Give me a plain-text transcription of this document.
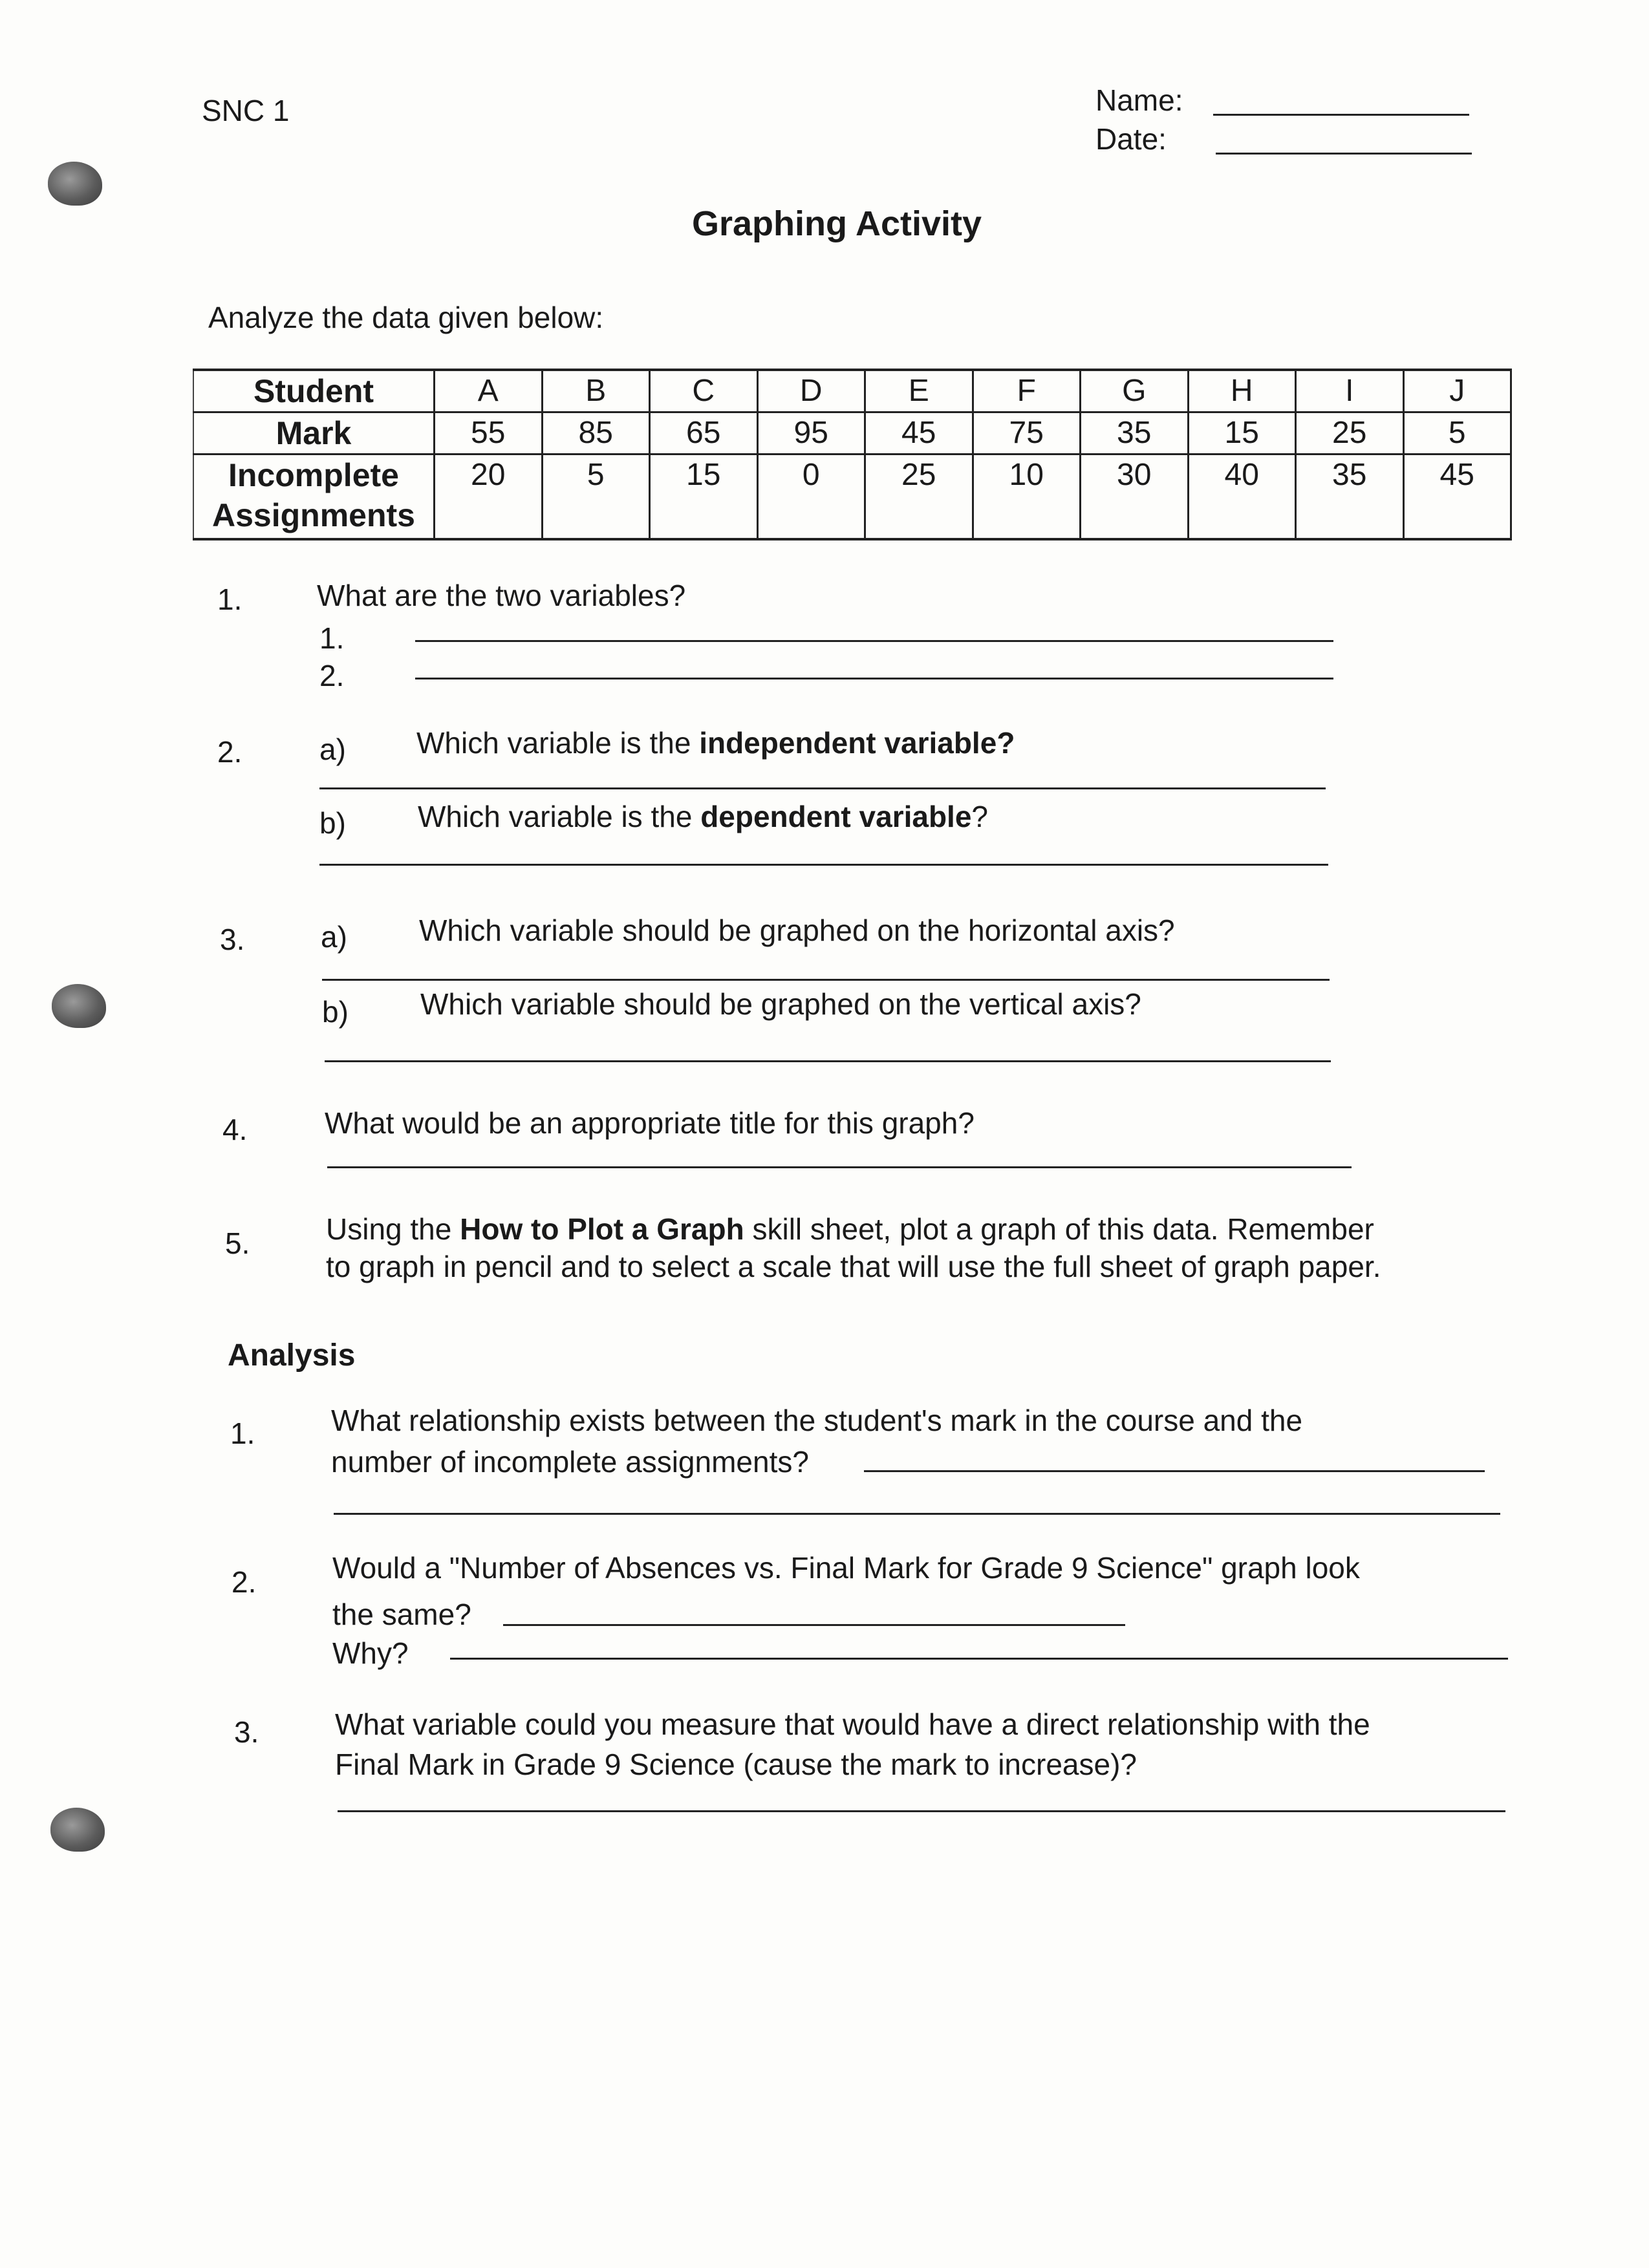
SNC 1	Name:
Date:
Graphing Activity
Analyze the data given below:
Student	A	B	C	D	E	F	G	H	I	J
Mark	55	85	65	95	45	75	35	15	25	5

Incomplete
Assignments	20	5	15	0	25	10	30	40	35	45
1.	What are the two variables?
1.
2.
2.	a) Which variable is the independent variable?
b) Which variable is the dependent variable?
3.	a) Which variable should be graphed on the horizontal axis?
b) Which variable should be graphed on the vertical axis?
4.	What would be an appropriate title for this graph?
5.	Using the How to Plot a Graph skill sheet, plot a graph of this data. Remember
to graph in pencil and to select a scale that will use the full sheet of graph paper.
Analysis
1.	What relationship exists between the student's mark in the course and the
number of incomplete assignments?
2.	Would a "Number of Absences vs. Final Mark for Grade 9 Science" graph look
the same?
Why?
3.	What variable could you measure that would have a direct relationship with the
Final Mark in Grade 9 Science (cause the mark to increase)?
